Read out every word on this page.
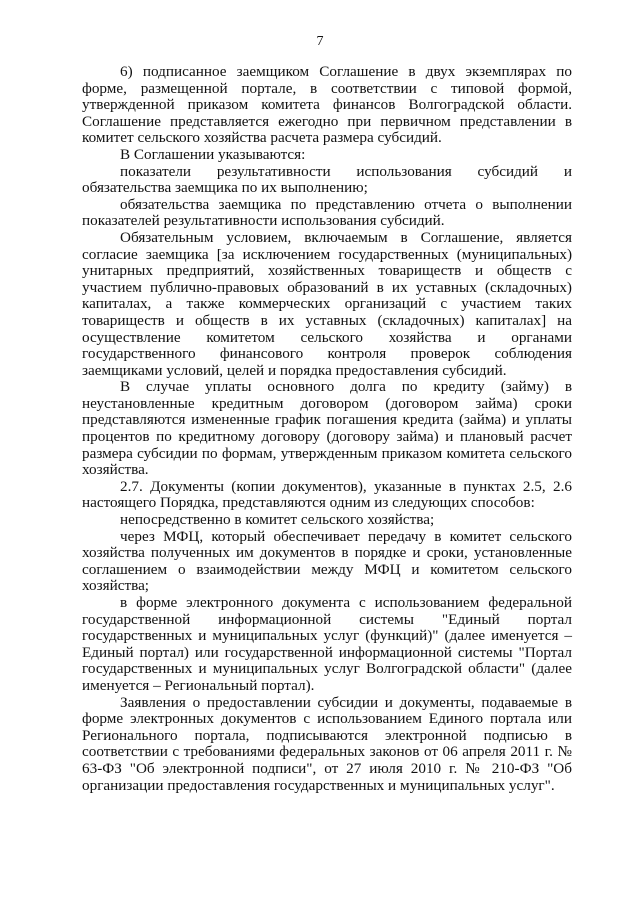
7

6) подписанное заемщиком Соглашение в двух экземплярах по форме, размещенной портале, в соответствии с типовой формой, утвержденной приказом комитета финансов Волгоградской области. Соглашение представляется ежегодно при первичном представлении в комитет сельского хозяйства расчета размера субсидий.

В Соглашении указываются:

показатели результативности использования субсидий и обязательства заемщика по их выполнению;

обязательства заемщика по представлению отчета о выполнении показателей результативности использования субсидий.

Обязательным условием, включаемым в Соглашение, является согласие заемщика [за исключением государственных (муниципальных) унитарных предприятий, хозяйственных товариществ и обществ с участием публично-правовых образований в их уставных (складочных) капиталах, а также коммерческих организаций с участием таких товариществ и обществ в их уставных (складочных) капиталах] на осуществление комитетом сельского хозяйства и органами государственного финансового контроля проверок соблюдения заемщиками условий, целей и порядка предоставления субсидий.

В случае уплаты основного долга по кредиту (займу) в неустановленные кредитным договором (договором займа) сроки представляются измененные график погашения кредита (займа) и уплаты процентов по кредитному договору (договору займа) и плановый расчет размера субсидии по формам, утвержденным приказом комитета сельского хозяйства.

2.7. Документы (копии документов), указанные в пунктах 2.5, 2.6 настоящего Порядка, представляются одним из следующих способов:

непосредственно в комитет сельского хозяйства;

через МФЦ, который обеспечивает передачу в комитет сельского хозяйства полученных им документов в порядке и сроки, установленные соглашением о взаимодействии между МФЦ и комитетом сельского хозяйства;

в форме электронного документа с использованием федеральной государственной информационной системы "Единый портал государственных и муниципальных услуг (функций)" (далее именуется – Единый портал) или государственной информационной системы "Портал государственных и муниципальных услуг Волгоградской области" (далее именуется – Региональный портал).

Заявления о предоставлении субсидии и документы, подаваемые в форме электронных документов с использованием Единого портала или Регионального портала, подписываются электронной подписью в соответствии с требованиями федеральных законов от 06 апреля 2011 г. № 63-ФЗ "Об электронной подписи", от 27 июля 2010 г. № 210-ФЗ "Об организации предоставления государственных и муниципальных услуг".
